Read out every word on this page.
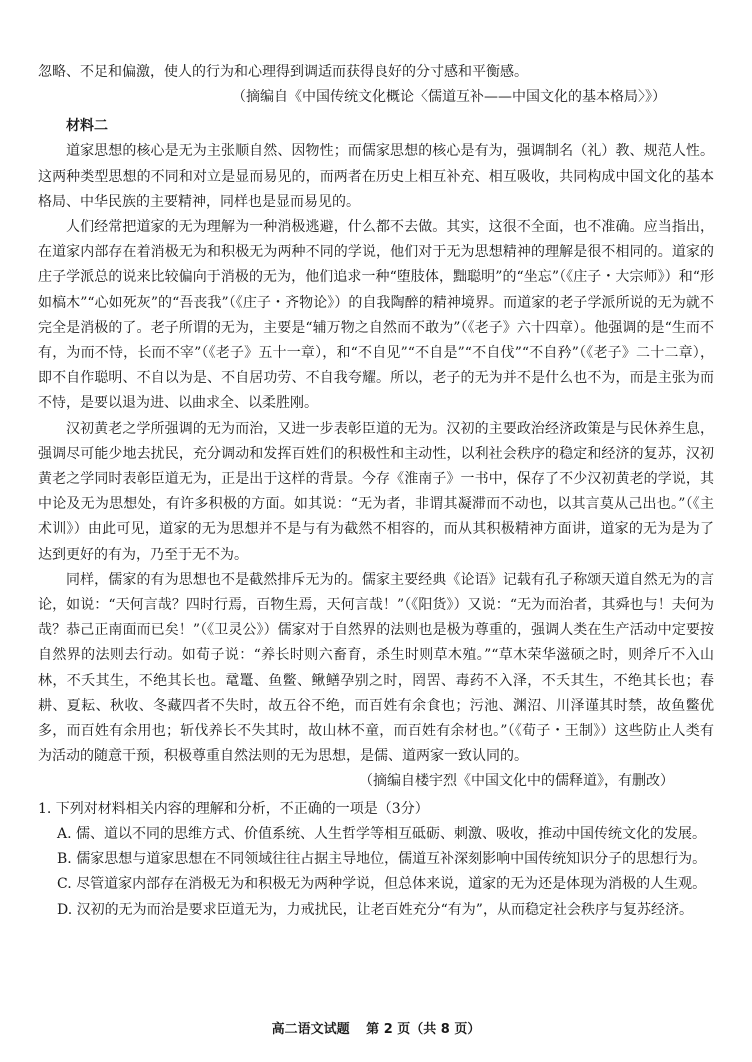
忽略、不足和偏激，使人的行为和心理得到调适而获得良好的分寸感和平衡感。

（摘编自《中国传统文化概论〈儒道互补——中国文化的基本格局〉》）

材料二

道家思想的核心是无为主张顺自然、因物性；而儒家思想的核心是有为，强调制名（礼）教、规范人性。这两种类型思想的不同和对立是显而易见的，而两者在历史上相互补充、相互吸收，共同构成中国文化的基本格局、中华民族的主要精神，同样也是显而易见的。

人们经常把道家的无为理解为一种消极逃避，什么都不去做。其实，这很不全面，也不准确。应当指出，在道家内部存在着消极无为和积极无为两种不同的学说，他们对于无为思想精神的理解是很不相同的。道家的庄子学派总的说来比较偏向于消极的无为，他们追求一种“堕肢体，黜聪明”的“坐忘”（《庄子・大宗师》）和“形如槁木”“心如死灰”的“吾丧我”（《庄子・齐物论》）的自我陶醉的精神境界。而道家的老子学派所说的无为就不完全是消极的了。老子所谓的无为，主要是“辅万物之自然而不敢为”（《老子》六十四章）。他强调的是“生而不有，为而不恃，长而不宰”（《老子》五十一章），和“不自见”“不自是”“不自伐”“不自矜”（《老子》二十二章），即不自作聪明、不自以为是、不自居功劳、不自我夸耀。所以，老子的无为并不是什么也不为，而是主张为而不恃，是要以退为进、以曲求全、以柔胜刚。

汉初黄老之学所强调的无为而治，又进一步表彰臣道的无为。汉初的主要政治经济政策是与民休养生息，强调尽可能少地去扰民，充分调动和发挥百姓们的积极性和主动性，以利社会秩序的稳定和经济的复苏，汉初黄老之学同时表彰臣道无为，正是出于这样的背景。今存《淮南子》一书中，保存了不少汉初黄老的学说，其中论及无为思想处，有许多积极的方面。如其说：“无为者，非谓其凝滞而不动也，以其言莫从己出也。”（《主术训》）由此可见，道家的无为思想并不是与有为截然不相容的，而从其积极精神方面讲，道家的无为是为了达到更好的有为，乃至于无不为。

同样，儒家的有为思想也不是截然排斥无为的。儒家主要经典《论语》记载有孔子称颂天道自然无为的言论，如说：“天何言哉？四时行焉，百物生焉，天何言哉！”（《阳货》）又说：“无为而治者，其舜也与！夫何为哉？恭己正南面而已矣！”（《卫灵公》）儒家对于自然界的法则也是极为尊重的，强调人类在生产活动中定要按自然界的法则去行动。如荀子说：“养长时则六畜育，杀生时则草木殖。”“草木荣华滋硕之时，则斧斤不入山林，不夭其生，不绝其长也。鼋鼍、鱼鳖、鳅鳝孕别之时，罔罟、毒药不入泽，不夭其生，不绝其长也；春耕、夏耘、秋收、冬藏四者不失时，故五谷不绝，而百姓有余食也；污池、渊沼、川泽谨其时禁，故鱼鳖优多，而百姓有余用也；斩伐养长不失其时，故山林不童，而百姓有余材也。”（《荀子・王制》）这些防止人类有为活动的随意干预，积极尊重自然法则的无为思想，是儒、道两家一致认同的。

（摘编自楼宇烈《中国文化中的儒释道》，有删改）

1. 下列对材料相关内容的理解和分析，不正确的一项是（3分）

A. 儒、道以不同的思维方式、价值系统、人生哲学等相互砥砺、刺激、吸收，推动中国传统文化的发展。

B. 儒家思想与道家思想在不同领域往往占据主导地位，儒道互补深刻影响中国传统知识分子的思想行为。

C. 尽管道家内部存在消极无为和积极无为两种学说，但总体来说，道家的无为还是体现为消极的人生观。

D. 汉初的无为而治是要求臣道无为，力戒扰民，让老百姓充分“有为”，从而稳定社会秩序与复苏经济。

高二语文试题 第 2 页（共 8 页）
